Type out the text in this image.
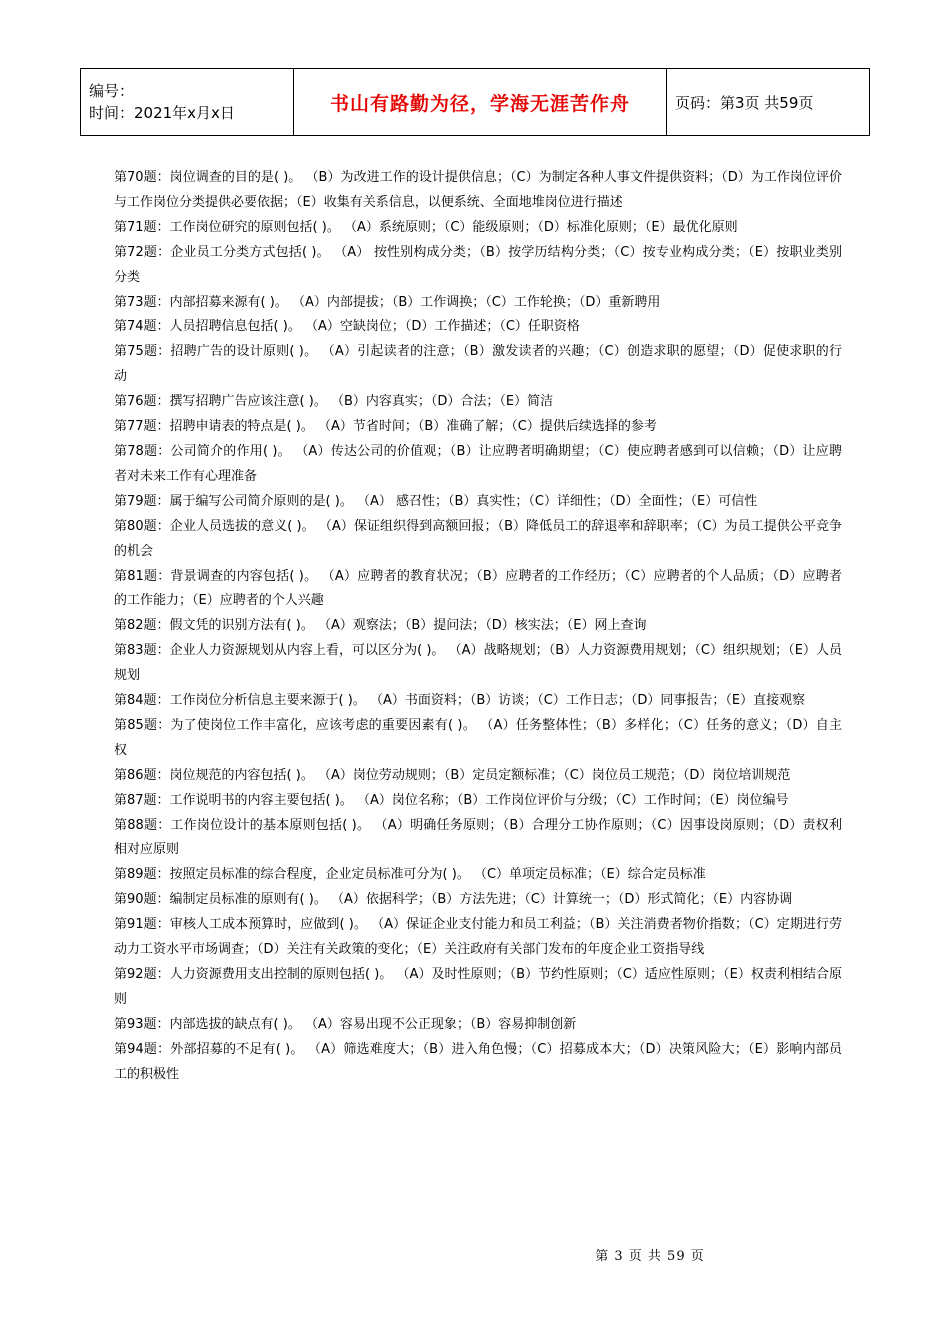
编号：
时间：2021年x月x日	书山有路勤为径，学海无涯苦作舟	页码：第3页 共59页

第70题：岗位调查的目的是( )。 （B）为改进工作的设计提供信息；（C）为制定各种人事文件提供资料；（D）为工作岗位评价与工作岗位分类提供必要依据；（E）收集有关系信息，以便系统、全面地堆岗位进行描述

第71题：工作岗位研究的原则包括( )。 （A）系统原则；（C）能级原则；（D）标准化原则；（E）最优化原则

第72题：企业员工分类方式包括( )。 （A） 按性别构成分类；（B）按学历结构分类；（C）按专业构成分类；（E）按职业类别分类

第73题：内部招募来源有( )。 （A）内部提拔；（B）工作调换；（C）工作轮换；（D）重新聘用

第74题：人员招聘信息包括( )。 （A）空缺岗位；（D）工作描述；（C）任职资格

第75题：招聘广告的设计原则( )。 （A）引起读者的注意；（B）激发读者的兴趣；（C）创造求职的愿望；（D）促使求职的行动

第76题：撰写招聘广告应该注意( )。 （B）内容真实；（D）合法；（E）简洁

第77题：招聘申请表的特点是( )。 （A）节省时间；（B）准确了解；（C）提供后续选择的参考

第78题：公司简介的作用( )。 （A）传达公司的价值观；（B）让应聘者明确期望；（C）使应聘者感到可以信赖；（D）让应聘者对未来工作有心理准备

第79题：属于编写公司简介原则的是( )。 （A） 感召性；（B）真实性；（C）详细性；（D）全面性；（E）可信性

第80题：企业人员选拔的意义( )。 （A）保证组织得到高额回报；（B）降低员工的辞退率和辞职率；（C）为员工提供公平竞争的机会

第81题：背景调查的内容包括( )。 （A）应聘者的教育状况；（B）应聘者的工作经历；（C）应聘者的个人品质；（D）应聘者的工作能力；（E）应聘者的个人兴趣

第82题：假文凭的识别方法有( )。 （A）观察法；（B）提问法；（D）核实法；（E）网上查询

第83题：企业人力资源规划从内容上看，可以区分为( )。 （A）战略规划；（B）人力资源费用规划；（C）组织规划；（E）人员规划

第84题：工作岗位分析信息主要来源于( )。 （A）书面资料；（B）访谈；（C）工作日志；（D）同事报告；（E）直接观察

第85题：为了使岗位工作丰富化，应该考虑的重要因素有( )。 （A）任务整体性；（B）多样化；（C）任务的意义；（D）自主权

第86题：岗位规范的内容包括( )。 （A）岗位劳动规则；（B）定员定额标准；（C）岗位员工规范；（D）岗位培训规范

第87题：工作说明书的内容主要包括( )。 （A）岗位名称；（B）工作岗位评价与分级；（C）工作时间；（E）岗位编号

第88题：工作岗位设计的基本原则包括( )。 （A）明确任务原则；（B）合理分工协作原则；（C）因事设岗原则；（D）责权利相对应原则

第89题：按照定员标准的综合程度，企业定员标准可分为( )。 （C）单项定员标准；（E）综合定员标准

第90题：编制定员标准的原则有( )。 （A）依据科学；（B）方法先进；（C）计算统一；（D）形式简化；（E）内容协调

第91题：审核人工成本预算时，应做到( )。 （A）保证企业支付能力和员工利益；（B）关注消费者物价指数；（C）定期进行劳动力工资水平市场调查；（D）关注有关政策的变化；（E）关注政府有关部门发布的年度企业工资指导线

第92题：人力资源费用支出控制的原则包括( )。 （A）及时性原则；（B）节约性原则；（C）适应性原则；（E）权责利相结合原则

第93题：内部选拔的缺点有( )。 （A）容易出现不公正现象；（B）容易抑制创新

第94题：外部招募的不足有( )。 （A）筛选难度大；（B）进入角色慢；（C）招募成本大；（D）决策风险大；（E）影响内部员工的积极性

第 3 页 共 59 页
